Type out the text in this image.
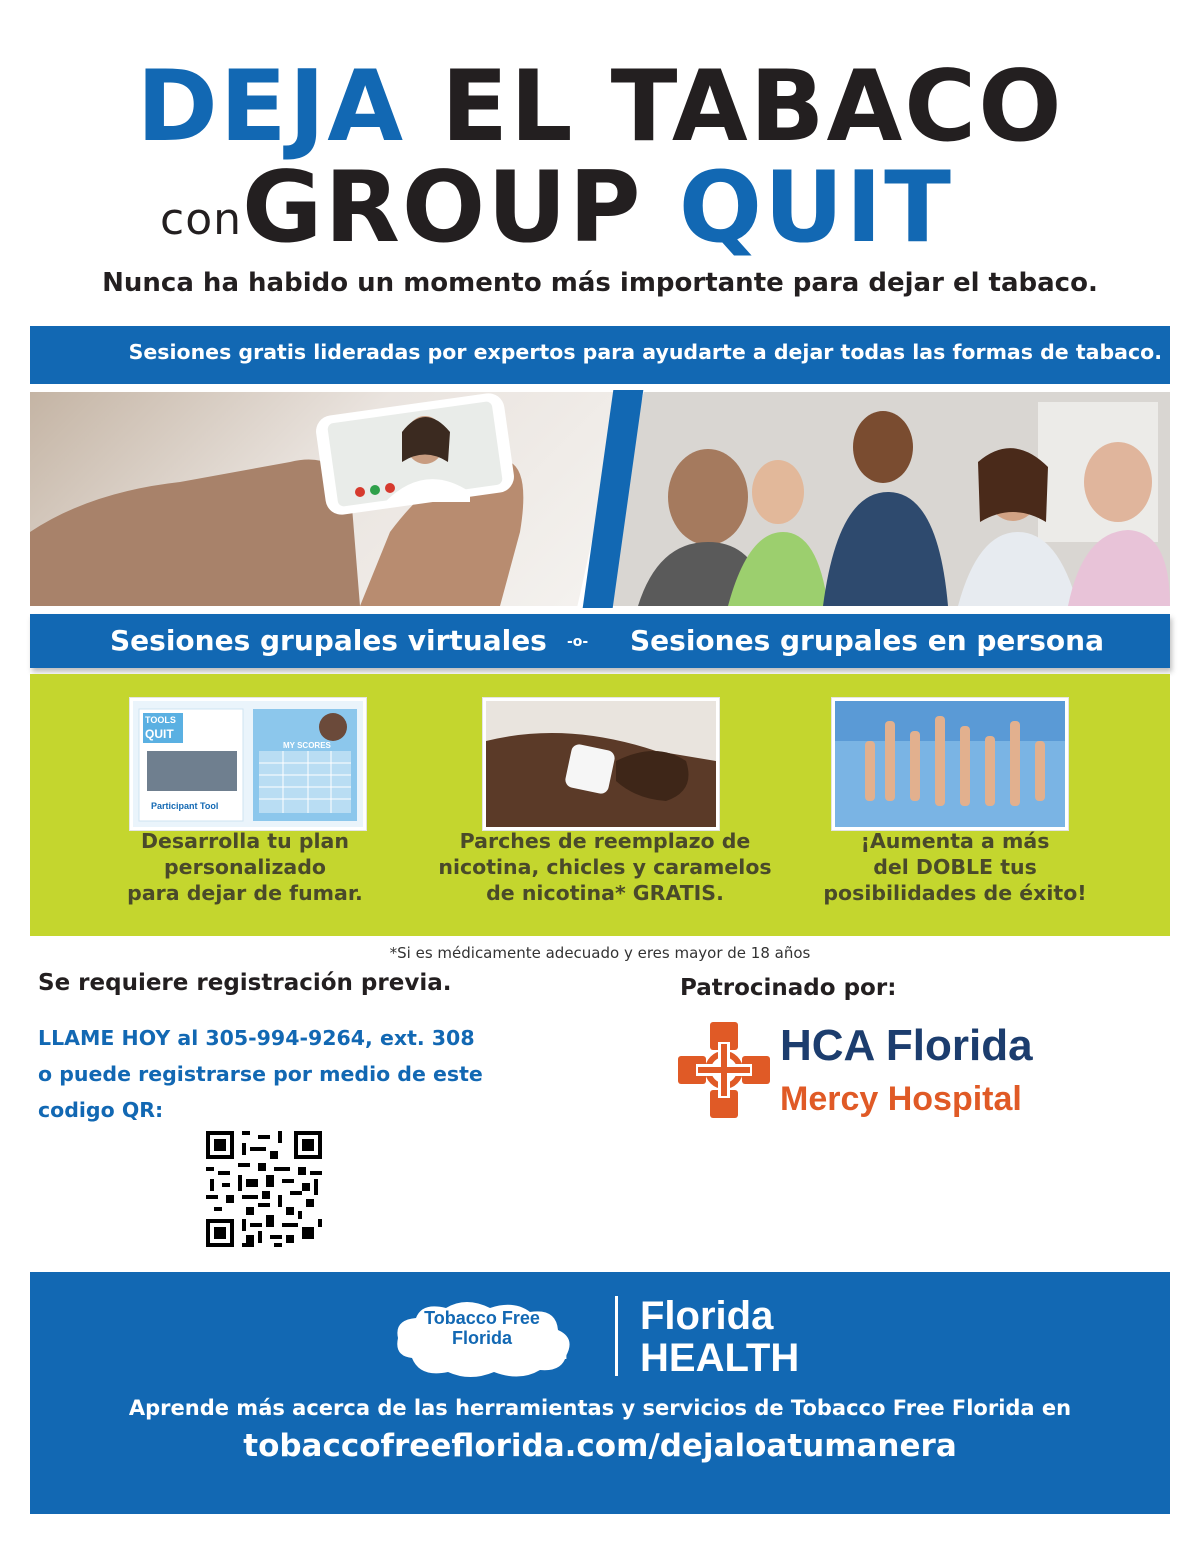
DEJA EL TABACO
$^{con}$GROUP QUIT
Nunca ha habido un momento más importante para dejar el tabaco.
Sesiones gratis lideradas por expertos para ayudarte a dejar todas las formas de tabaco.
Sesiones grupales virtuales -o- Sesiones grupales en persona
TOOLS
QUIT
Participant Tool
MY SCORES
Desarrolla tu plan
personalizado
para dejar de fumar.
Parches de reemplazo de
nicotina, chicles y caramelos
de nicotina* GRATIS.
¡Aumenta a más
del DOBLE tus
posibilidades de éxito!
*Si es médicamente adecuado y eres mayor de 18 años
Se requiere registración previa.
LLAME HOY al 305-994-9264, ext. 308
o puede registrarse por medio de este
codigo QR:
Patrocinado por:
HCA Florida
Mercy Hospital
Tobacco Free
Florida
.com
Florida
HEALTH
Aprende más acerca de las herramientas y servicios de Tobacco Free Florida en
tobaccofreeflorida.com/dejaloatumanera
